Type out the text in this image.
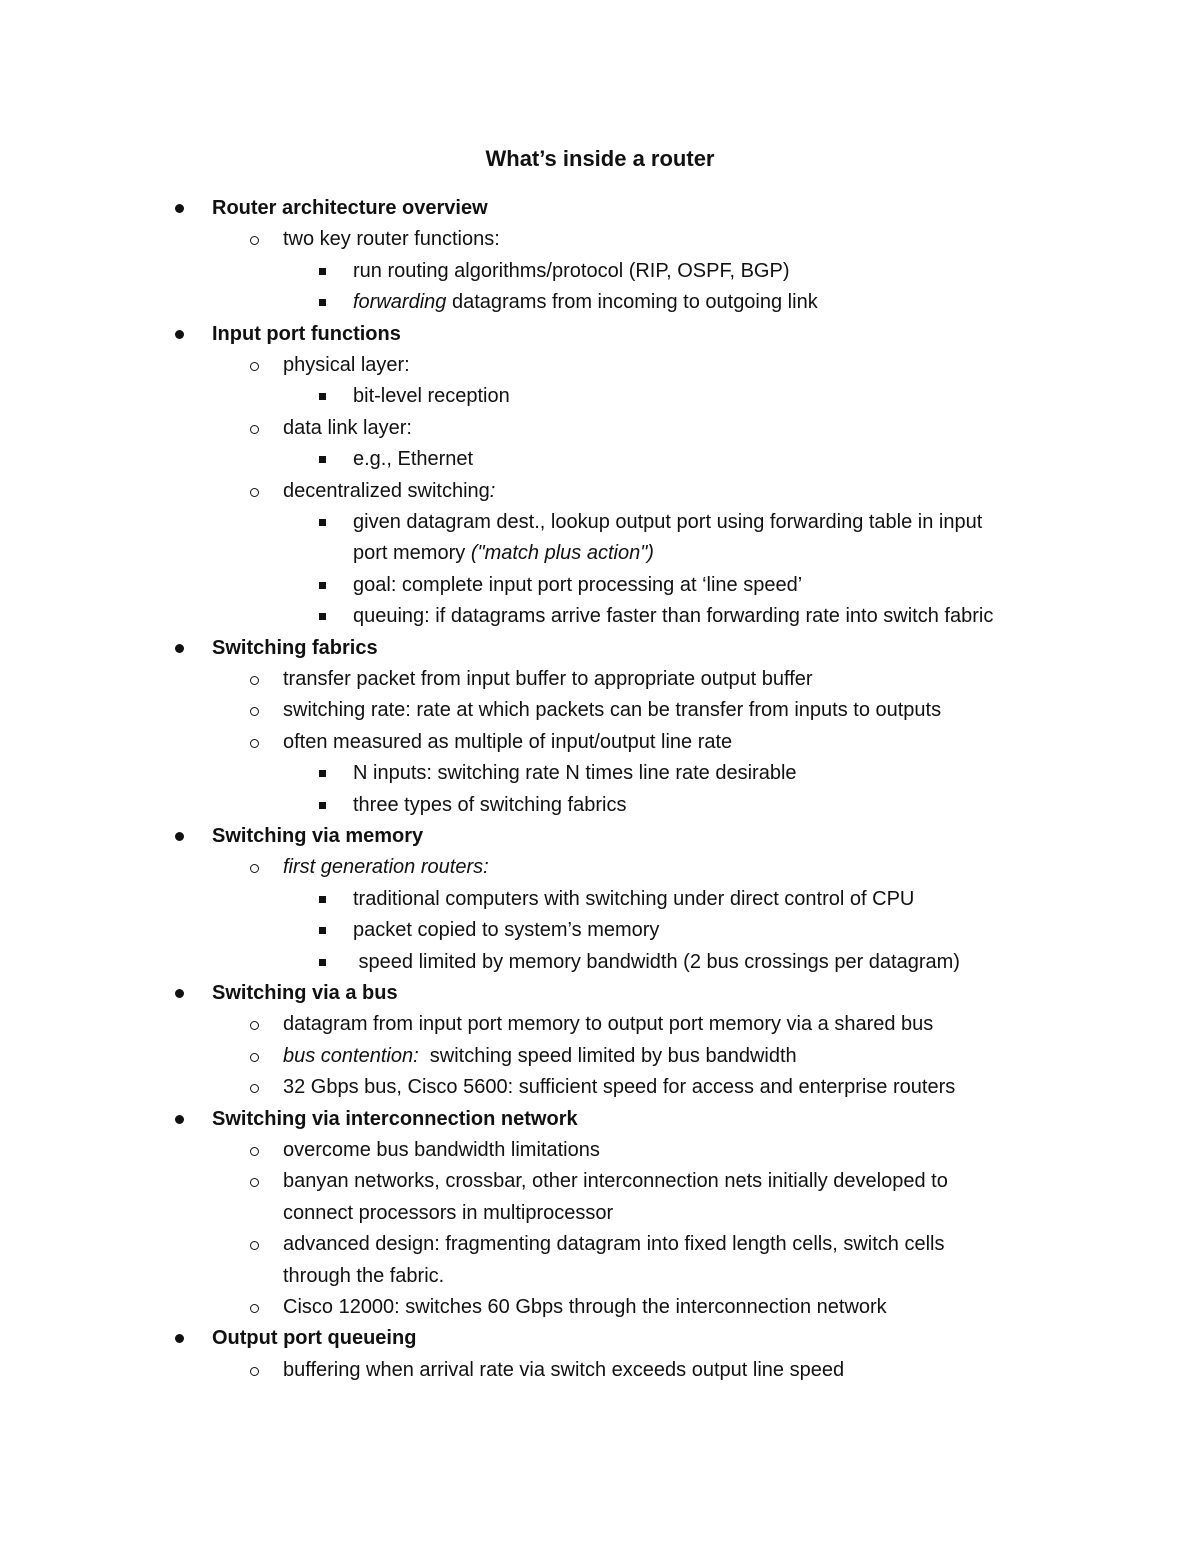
What’s inside a router
Router architecture overview
two key router functions:
run routing algorithms/protocol (RIP, OSPF, BGP)
forwarding datagrams from incoming to outgoing link
Input port functions
physical layer:
bit-level reception
data link layer:
e.g., Ethernet
decentralized switching:
given datagram dest., lookup output port using forwarding table in input
port memory ("match plus action")
goal: complete input port processing at ‘line speed’
queuing: if datagrams arrive faster than forwarding rate into switch fabric
Switching fabrics
transfer packet from input buffer to appropriate output buffer
switching rate: rate at which packets can be transfer from inputs to outputs
often measured as multiple of input/output line rate
N inputs: switching rate N times line rate desirable
three types of switching fabrics
Switching via memory
first generation routers:
traditional computers with switching under direct control of CPU
packet copied to system’s memory
speed limited by memory bandwidth (2 bus crossings per datagram)
Switching via a bus
datagram from input port memory to output port memory via a shared bus
bus contention:  switching speed limited by bus bandwidth
32 Gbps bus, Cisco 5600: sufficient speed for access and enterprise routers
Switching via interconnection network
overcome bus bandwidth limitations
banyan networks, crossbar, other interconnection nets initially developed to
connect processors in multiprocessor
advanced design: fragmenting datagram into fixed length cells, switch cells
through the fabric.
Cisco 12000: switches 60 Gbps through the interconnection network
Output port queueing
buffering when arrival rate via switch exceeds output line speed
